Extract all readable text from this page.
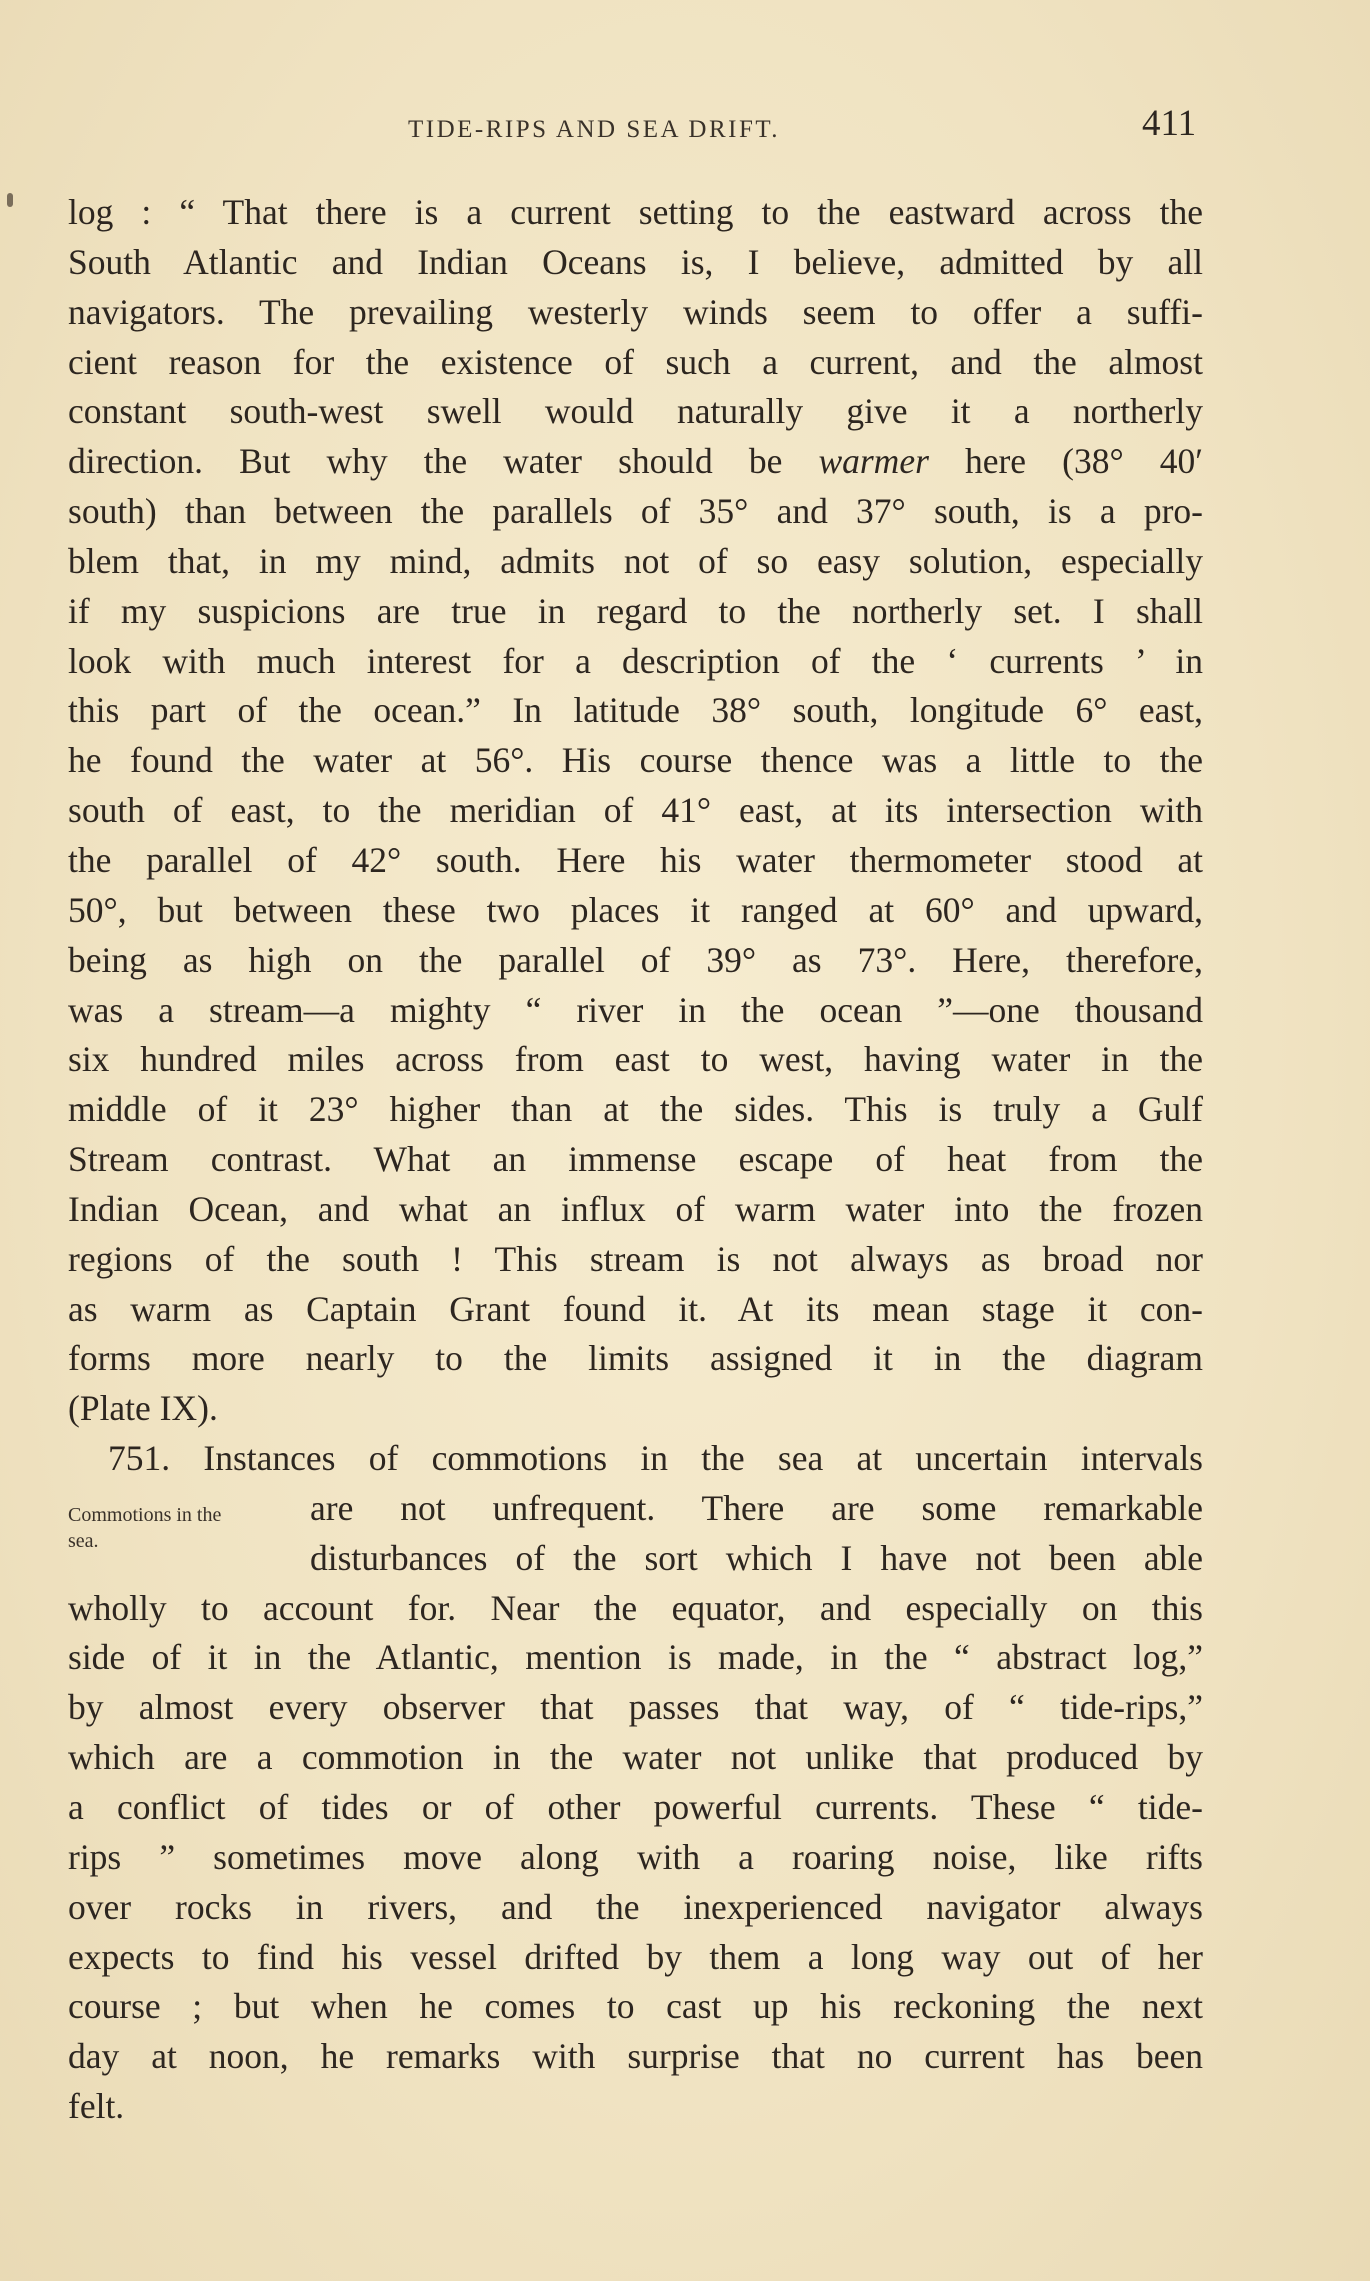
TIDE-RIPS AND SEA DRIFT.	411
log : “ That there is a current setting to the eastward across the
South Atlantic and Indian Oceans is, I believe, admitted by all
navigators. The prevailing westerly winds seem to offer a suffi-
cient reason for the existence of such a current, and the almost
constant south-west swell would naturally give it a northerly
direction. But why the water should be warmer here (38° 40′
south) than between the parallels of 35° and 37° south, is a pro-
blem that, in my mind, admits not of so easy solution, especially
if my suspicions are true in regard to the northerly set. I shall
look with much interest for a description of the ‘ currents ’ in
this part of the ocean.” In latitude 38° south, longitude 6° east,
he found the water at 56°. His course thence was a little to the
south of east, to the meridian of 41° east, at its intersection with
the parallel of 42° south. Here his water thermometer stood at
50°, but between these two places it ranged at 60° and upward,
being as high on the parallel of 39° as 73°. Here, therefore,
was a stream—a mighty “ river in the ocean ”—one thousand
six hundred miles across from east to west, having water in the
middle of it 23° higher than at the sides. This is truly a Gulf
Stream contrast. What an immense escape of heat from the
Indian Ocean, and what an influx of warm water into the frozen
regions of the south ! This stream is not always as broad nor
as warm as Captain Grant found it. At its mean stage it con-
forms more nearly to the limits assigned it in the diagram
(Plate IX).
751. Instances of commotions in the sea at uncertain intervals
are not unfrequent. There are some remarkable
disturbances of the sort which I have not been able
wholly to account for. Near the equator, and especially on this
side of it in the Atlantic, mention is made, in the “ abstract log,”
by almost every observer that passes that way, of “ tide-rips,”
which are a commotion in the water not unlike that produced by
a conflict of tides or of other powerful currents. These “ tide-
rips ” sometimes move along with a roaring noise, like rifts
over rocks in rivers, and the inexperienced navigator always
expects to find his vessel drifted by them a long way out of her
course ; but when he comes to cast up his reckoning the next
day at noon, he remarks with surprise that no current has been
felt.
Commotions in the
sea.
